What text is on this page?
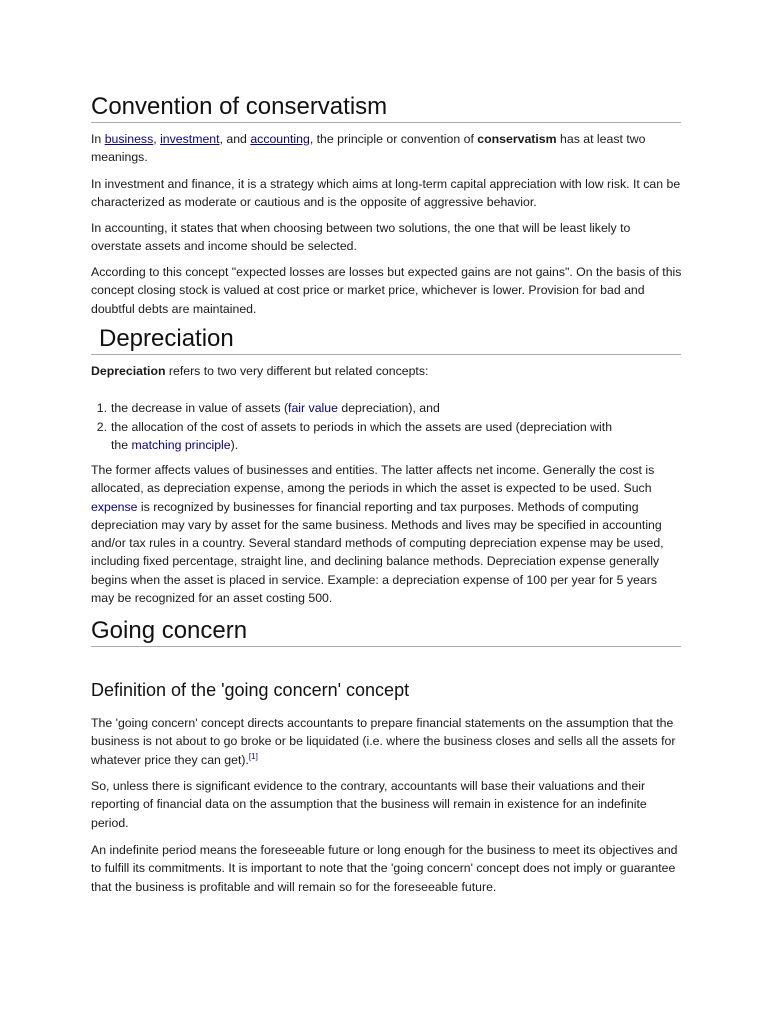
Convention of conservatism

In business, investment, and accounting, the principle or convention of conservatism has at least two meanings.

In investment and finance, it is a strategy which aims at long-term capital appreciation with low risk. It can be characterized as moderate or cautious and is the opposite of aggressive behavior.

In accounting, it states that when choosing between two solutions, the one that will be least likely to overstate assets and income should be selected.

According to this concept "expected losses are losses but expected gains are not gains". On the basis of this concept closing stock is valued at cost price or market price, whichever is lower. Provision for bad and doubtful debts are maintained.

Depreciation

Depreciation refers to two very different but related concepts:

1. the decrease in value of assets (fair value depreciation), and
2. the allocation of the cost of assets to periods in which the assets are used (depreciation with the matching principle).

The former affects values of businesses and entities. The latter affects net income. Generally the cost is allocated, as depreciation expense, among the periods in which the asset is expected to be used. Such expense is recognized by businesses for financial reporting and tax purposes. Methods of computing depreciation may vary by asset for the same business. Methods and lives may be specified in accounting and/or tax rules in a country. Several standard methods of computing depreciation expense may be used, including fixed percentage, straight line, and declining balance methods. Depreciation expense generally begins when the asset is placed in service. Example: a depreciation expense of 100 per year for 5 years may be recognized for an asset costing 500.

Going concern
Definition of the 'going concern' concept

The 'going concern' concept directs accountants to prepare financial statements on the assumption that the business is not about to go broke or be liquidated (i.e. where the business closes and sells all the assets for whatever price they can get).[1]

So, unless there is significant evidence to the contrary, accountants will base their valuations and their reporting of financial data on the assumption that the business will remain in existence for an indefinite period.

An indefinite period means the foreseeable future or long enough for the business to meet its objectives and to fulfill its commitments. It is important to note that the 'going concern' concept does not imply or guarantee that the business is profitable and will remain so for the foreseeable future.
